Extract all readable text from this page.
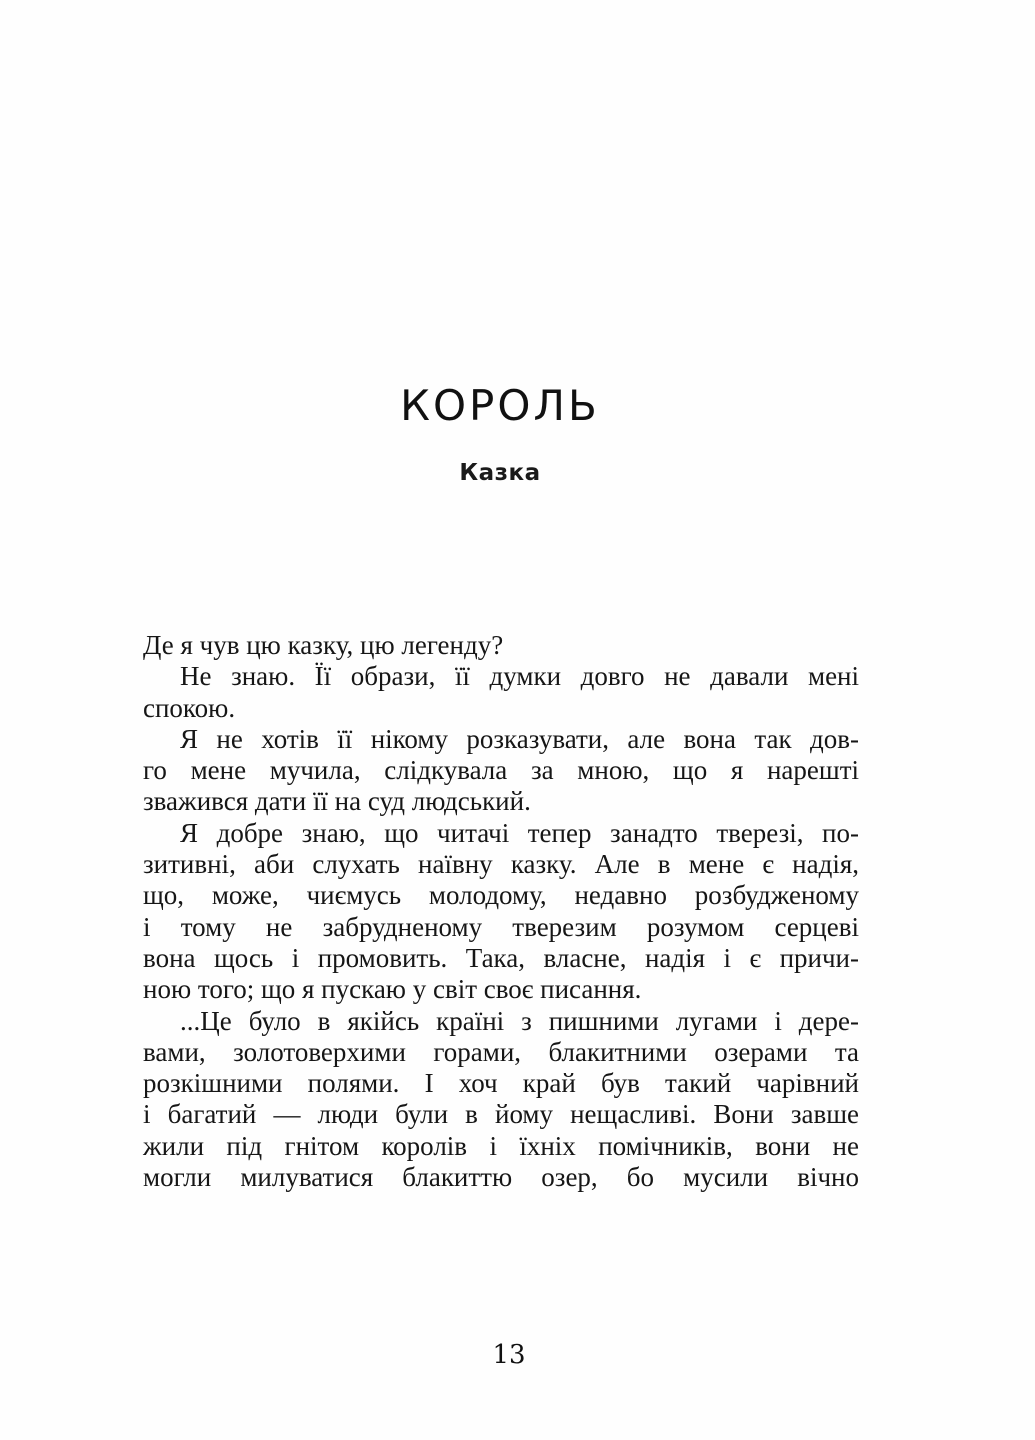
КОРОЛЬ
Казка
Де я чув цю казку, цю легенду?
Не знаю. Її образи, її думки довго не давали мені
спокою.
Я не хотів її нікому розказувати, але вона так дов-
го мене мучила, слідкувала за мною, що я нарешті
зважився дати її на суд людський.
Я добре знаю, що читачі тепер занадто тверезі, по-
зитивні, аби слухать наївну казку. Але в мене є надія,
що, може, чиємусь молодому, недавно розбудженому
і тому не забрудненому тверезим розумом серцеві
вона щось і промовить. Така, власне, надія і є причи-
ною того; що я пускаю у світ своє писання.
...Це було в якійсь країні з пишними лугами і дере-
вами, золотоверхими горами, блакитними озерами та
розкішними полями. І хоч край був такий чарівний
і багатий — люди були в йому нещасливі. Вони завше
жили під гнітом королів і їхніх помічників, вони не
могли милуватися блакиттю озер, бо мусили вічно
13
